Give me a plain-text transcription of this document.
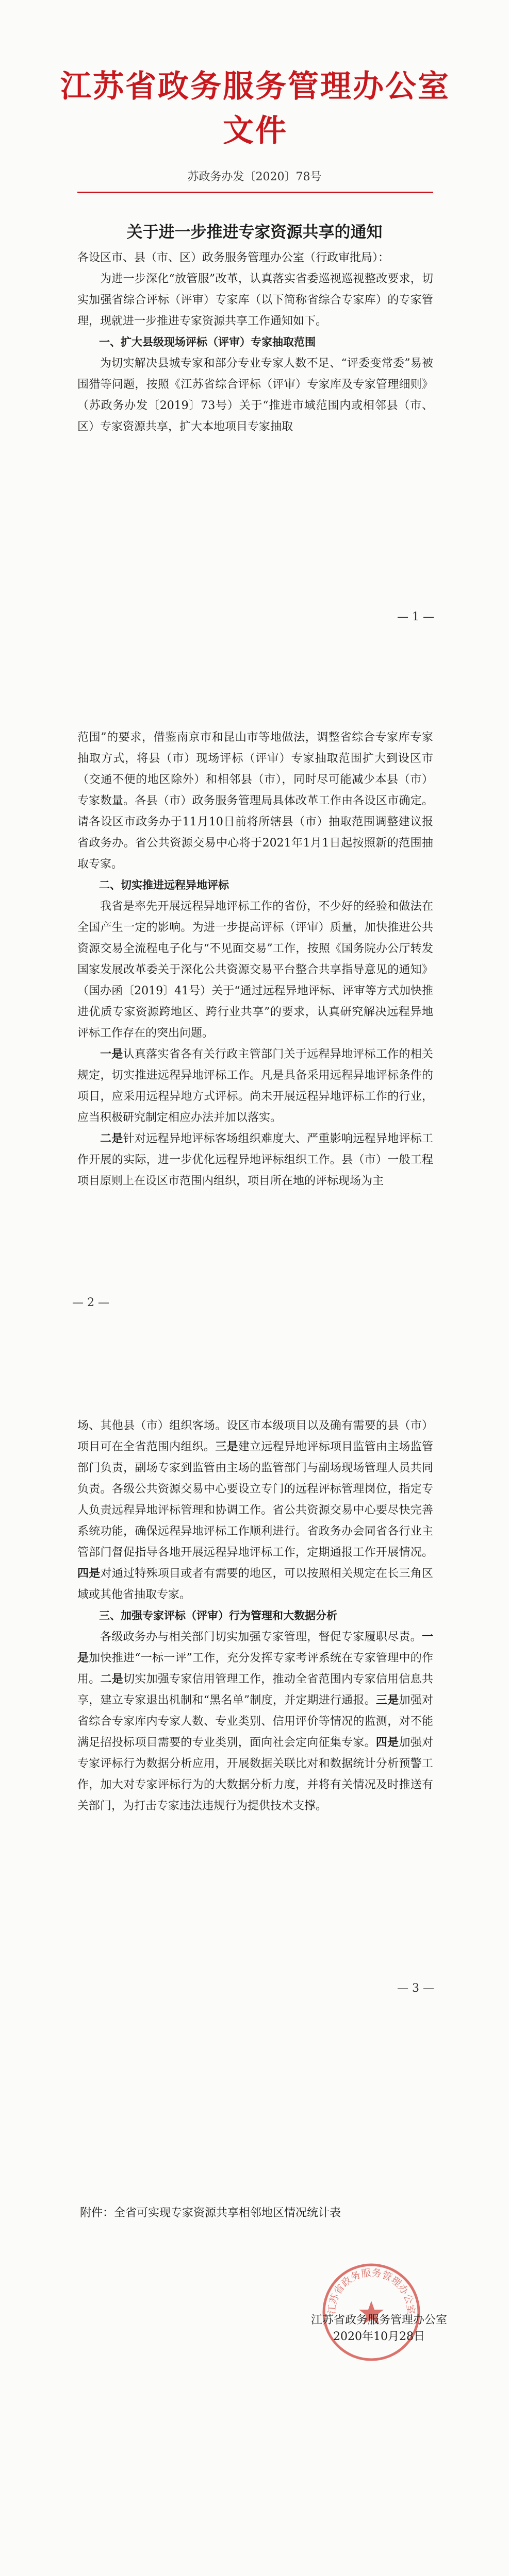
江苏省政务服务管理办公室文件
苏政务办发〔2020〕78号
关于进一步推进专家资源共享的通知

各设区市、县（市、区）政务服务管理办公室（行政审批局）：

为进一步深化“放管服”改革，认真落实省委巡视巡视整改要求，切实加强省综合评标（评审）专家库（以下简称省综合专家库）的专家管理，现就进一步推进专家资源共享工作通知如下。

一、扩大县级现场评标（评审）专家抽取范围

为切实解决县城专家和部分专业专家人数不足、“评委变常委”易被围猎等问题，按照《江苏省综合评标（评审）专家库及专家管理细则》（苏政务办发〔2019〕73号）关于“推进市域范围内或相邻县（市、区）专家资源共享，扩大本地项目专家抽取

— 1 —

范围”的要求，借鉴南京市和昆山市等地做法，调整省综合专家库专家抽取方式，将县（市）现场评标（评审）专家抽取范围扩大到设区市（交通不便的地区除外）和相邻县（市），同时尽可能减少本县（市）专家数量。各县（市）政务服务管理局具体改革工作由各设区市确定。请各设区市政务办于11月10日前将所辖县（市）抽取范围调整建议报省政务办。省公共资源交易中心将于2021年1月1日起按照新的范围抽取专家。

二、切实推进远程异地评标

我省是率先开展远程异地评标工作的省份，不少好的经验和做法在全国产生一定的影响。为进一步提高评标（评审）质量，加快推进公共资源交易全流程电子化与“不见面交易”工作，按照《国务院办公厅转发国家发展改革委关于深化公共资源交易平台整合共享指导意见的通知》（国办函〔2019〕41号）关于“通过远程异地评标、评审等方式加快推进优质专家资源跨地区、跨行业共享”的要求，认真研究解决远程异地评标工作存在的突出问题。

一是认真落实省各有关行政主管部门关于远程异地评标工作的相关规定，切实推进远程异地评标工作。凡是具备采用远程异地评标条件的项目，应采用远程异地方式评标。尚未开展远程异地评标工作的行业，应当积极研究制定相应办法并加以落实。

二是针对远程异地评标客场组织难度大、严重影响远程异地评标工作开展的实际，进一步优化远程异地评标组织工作。县（市）一般工程项目原则上在设区市范围内组织，项目所在地的评标现场为主

— 2 —

场、其他县（市）组织客场。设区市本级项目以及确有需要的县（市）项目可在全省范围内组织。三是建立远程异地评标项目监管由主场监管部门负责，副场专家到监管由主场的监管部门与副场现场管理人员共同负责。各级公共资源交易中心要设立专门的远程评标管理岗位，指定专人负责远程异地评标管理和协调工作。省公共资源交易中心要尽快完善系统功能，确保远程异地评标工作顺利进行。省政务办会同省各行业主管部门督促指导各地开展远程异地评标工作，定期通报工作开展情况。四是对通过特殊项目或者有需要的地区，可以按照相关规定在长三角区域或其他省抽取专家。

三、加强专家评标（评审）行为管理和大数据分析

各级政务办与相关部门切实加强专家管理，督促专家履职尽责。一是加快推进“一标一评”工作，充分发挥专家考评系统在专家管理中的作用。二是切实加强专家信用管理工作，推动全省范围内专家信用信息共享，建立专家退出机制和“黑名单”制度，并定期进行通报。三是加强对省综合专家库内专家人数、专业类别、信用评价等情况的监测，对不能满足招投标项目需要的专业类别，面向社会定向征集专家。四是加强对专家评标行为数据分析应用，开展数据关联比对和数据统计分析预警工作，加大对专家评标行为的大数据分析力度，并将有关情况及时推送有关部门，为打击专家违法违规行为提供技术支撑。

— 3 —
附件：全省可实现专家资源共享相邻地区情况统计表
江苏省政务服务管理办公室
江苏省政务服务管理办公室
2020年10月28日
